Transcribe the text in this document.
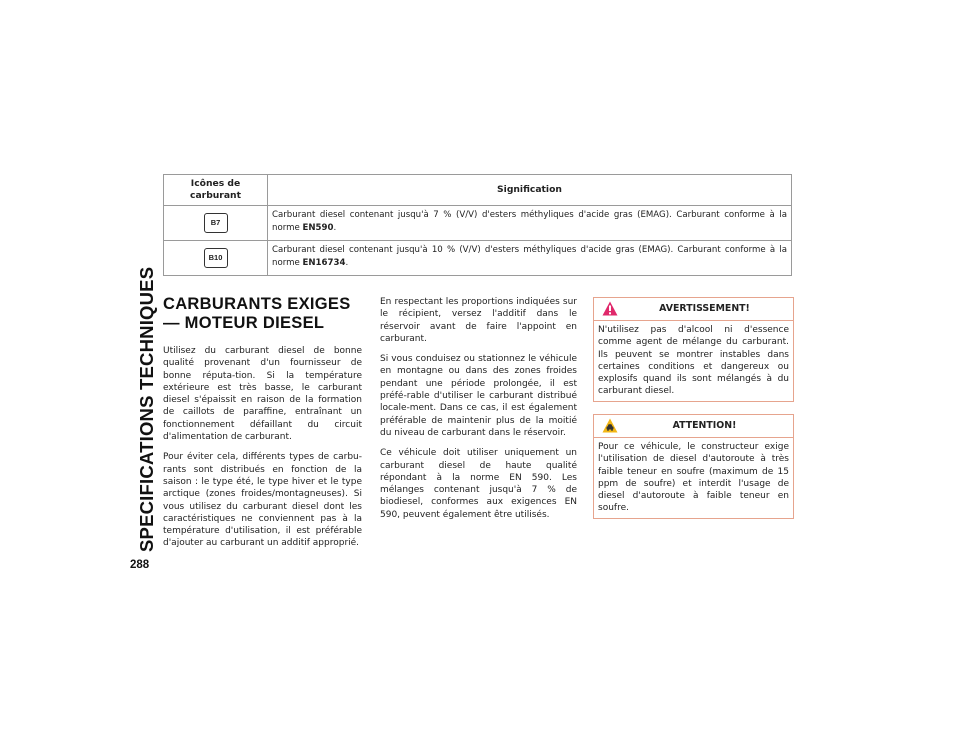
SPECIFICATIONS TECHNIQUES
288
Icônes de carburant	Signification
B7	Carburant diesel contenant jusqu'à 7 % (V/V) d'esters méthyliques d'acide gras (EMAG). Carburant conforme à la norme EN590.
B10	Carburant diesel contenant jusqu'à 10 % (V/V) d'esters méthyliques d'acide gras (EMAG). Carburant conforme à la norme EN16734.
CARBURANTS EXIGES — MOTEUR DIESEL

Utilisez du carburant diesel de bonne qualité provenant d'un fournisseur de bonne réputa-tion. Si la température extérieure est très basse, le carburant diesel s'épaissit en raison de la formation de caillots de paraffine, entraînant un fonctionnement défaillant du circuit d'alimentation de carburant.

Pour éviter cela, différents types de carbu-rants sont distribués en fonction de la saison : le type été, le type hiver et le type arctique (zones froides/montagneuses). Si vous utilisez du carburant diesel dont les caractéristiques ne conviennent pas à la température d'utilisation, il est préférable d'ajouter au carburant un additif approprié.

En respectant les proportions indiquées sur le récipient, versez l'additif dans le réservoir avant de faire l'appoint en carburant.

Si vous conduisez ou stationnez le véhicule en montagne ou dans des zones froides pendant une période prolongée, il est préfé-rable d'utiliser le carburant distribué locale-ment. Dans ce cas, il est également préférable de maintenir plus de la moitié du niveau de carburant dans le réservoir.

Ce véhicule doit utiliser uniquement un carburant diesel de haute qualité répondant à la norme EN 590. Les mélanges contenant jusqu'à 7 % de biodiesel, conformes aux exigences EN 590, peuvent également être utilisés.

AVERTISSEMENT!
N'utilisez pas d'alcool ni d'essence comme agent de mélange du carburant. Ils peuvent se montrer instables dans certaines conditions et dangereux ou explosifs quand ils sont mélangés à du carburant diesel.
ATTENTION!
Pour ce véhicule, le constructeur exige l'utilisation de diesel d'autoroute à très faible teneur en soufre (maximum de 15 ppm de soufre) et interdit l'usage de diesel d'autoroute à faible teneur en soufre.
